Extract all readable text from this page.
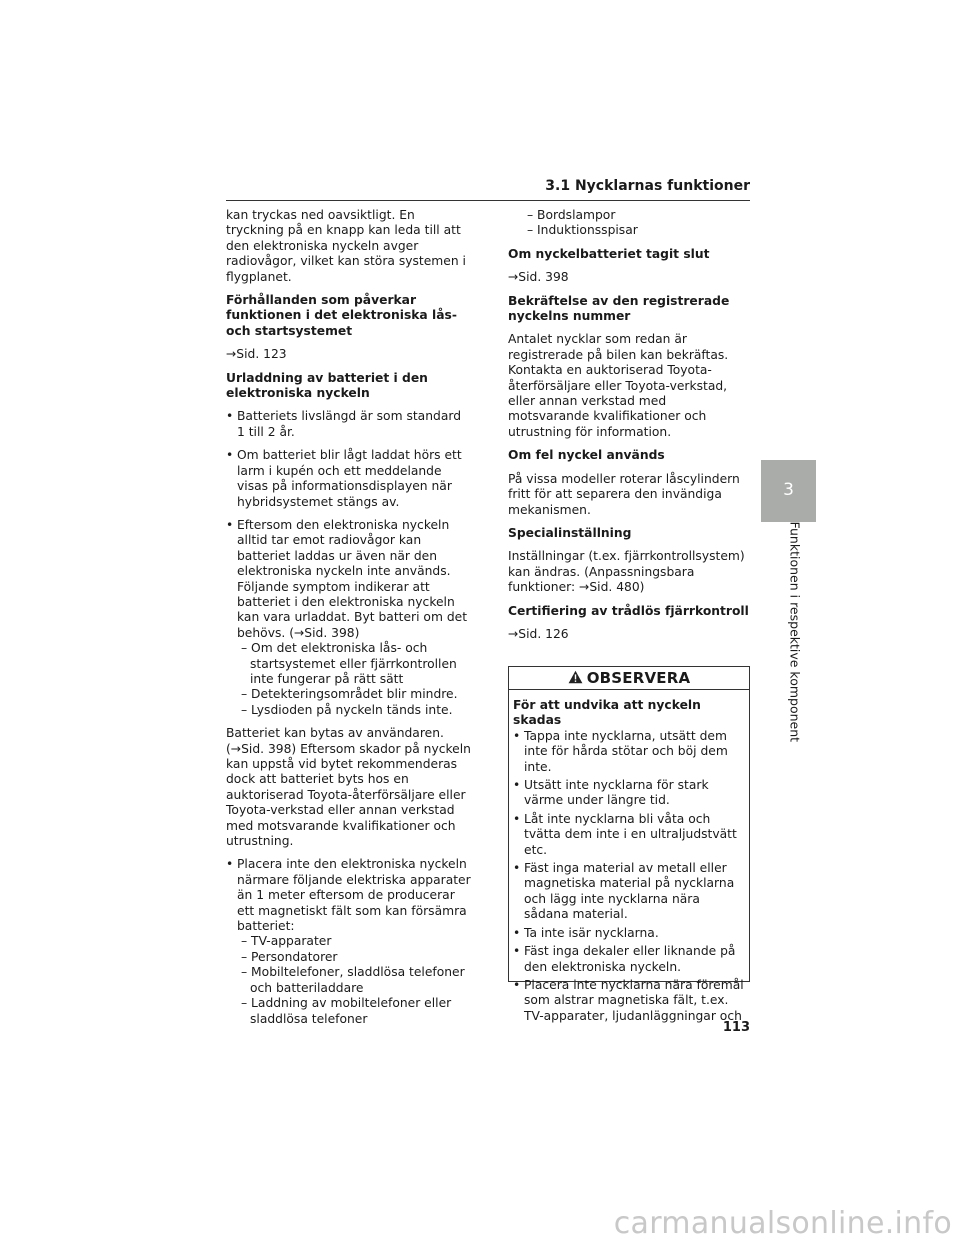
3.1 Nycklarnas funktioner

kan tryckas ned oavsiktligt. En tryckning på en knapp kan leda till att den elektroniska nyckeln avger radiovågor, vilket kan störa systemen i flygplanet.

Förhållanden som påverkar funktionen i det elektroniska lås- och startsystemet
→Sid. 123
Urladdning av batteriet i den elektroniska nyckeln
• Batteriets livslängd är som standard 1 till 2 år.
• Om batteriet blir lågt laddat hörs ett larm i kupén och ett meddelande visas på informationsdisplayen när hybridsystemet stängs av.
• Eftersom den elektroniska nyckeln alltid tar emot radiovågor kan batteriet laddas ur även när den elektroniska nyckeln inte används. Följande symptom indikerar att batteriet i den elektroniska nyckeln kan vara urladdat. Byt batteri om det behövs. (→Sid. 398)
– Om det elektroniska lås- och startsystemet eller fjärrkontrollen inte fungerar på rätt sätt
– Detekteringsområdet blir mindre.
– Lysdioden på nyckeln tänds inte.

Batteriet kan bytas av användaren. (→Sid. 398) Eftersom skador på nyckeln kan uppstå vid bytet rekommenderas dock att batteriet byts hos en auktoriserad Toyota-återförsäljare eller Toyota-verkstad eller annan verkstad med motsvarande kvalifikationer och utrustning.

• Placera inte den elektroniska nyckeln närmare följande elektriska apparater än 1 meter eftersom de producerar ett magnetiskt fält som kan försämra batteriet:
– TV-apparater
– Persondatorer
– Mobiltelefoner, sladdlösa telefoner och batteriladdare
– Laddning av mobiltelefoner eller sladdlösa telefoner
– Bordslampor
– Induktionsspisar
Om nyckelbatteriet tagit slut
→Sid. 398
Bekräftelse av den registrerade nyckelns nummer

Antalet nycklar som redan är registrerade på bilen kan bekräftas. Kontakta en auktoriserad Toyota-återförsäljare eller Toyota-verkstad, eller annan verkstad med motsvarande kvalifikationer och utrustning för information.

Om fel nyckel används

På vissa modeller roterar låscylindern fritt för att separera den invändiga mekanismen.

Specialinställning

Inställningar (t.ex. fjärrkontrollsystem) kan ändras. (Anpassningsbara funktioner: →Sid. 480)

Certifiering av trådlös fjärrkontroll
→Sid. 126
OBSERVERA
För att undvika att nyckeln skadas
• Tappa inte nycklarna, utsätt dem inte för hårda stötar och böj dem inte.
• Utsätt inte nycklarna för stark värme under längre tid.
• Låt inte nycklarna bli våta och tvätta dem inte i en ultraljudstvätt etc.
• Fäst inga material av metall eller magnetiska material på nycklarna och lägg inte nycklarna nära sådana material.
• Ta inte isär nycklarna.
• Fäst inga dekaler eller liknande på den elektroniska nyckeln.
• Placera inte nycklarna nära föremål som alstrar magnetiska fält, t.ex. TV-apparater, ljudanläggningar och
3
Funktionen i respektive komponent
113
carmanualsonline.info
